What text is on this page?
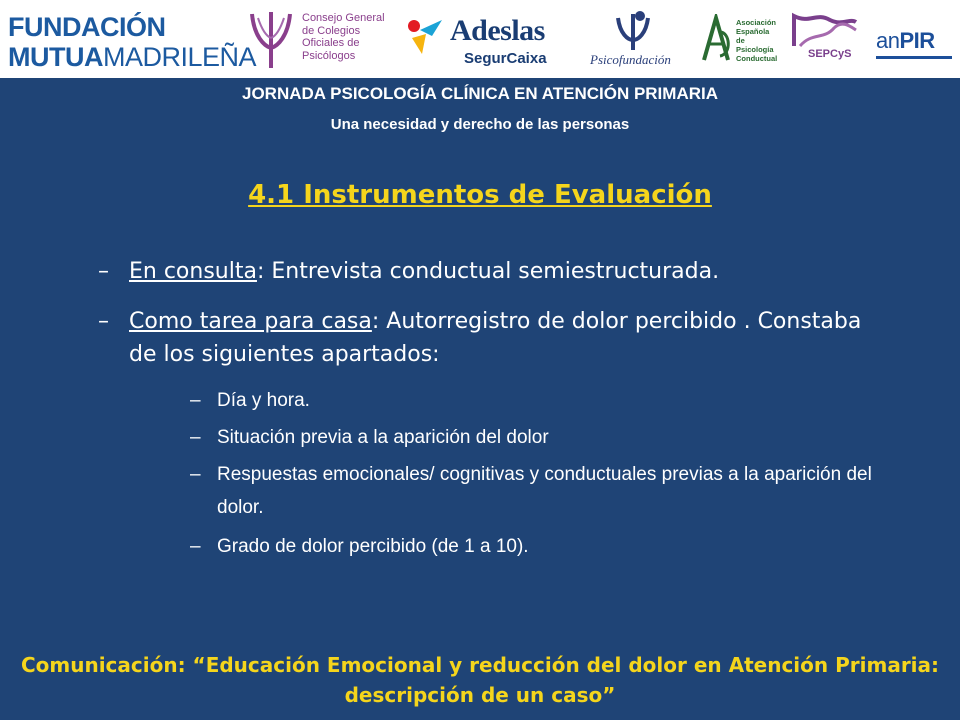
FUNDACIÓN
MUTUAMADRILEÑA
Consejo General de Colegios Oficiales de Psicólogos
Adeslas
SegurCaixa	Psicofundación
Asociación Española de Psicología Conductual	SEPCyS
anPIR
JORNADA PSICOLOGÍA CLÍNICA EN ATENCIÓN PRIMARIA
Una necesidad y derecho de las personas
4.1 Instrumentos de Evaluación
– En consulta: Entrevista conductual semiestructurada.
– Como tarea para casa: Autorregistro de dolor percibido . Constaba de los siguientes apartados:
– Día y hora.
– Situación previa a la aparición del dolor
– Respuestas emocionales/ cognitivas y conductuales previas a la aparición del dolor.
– Grado de dolor percibido (de 1 a 10).
Comunicación: “Educación Emocional y reducción del dolor en Atención Primaria: descripción de un caso”
